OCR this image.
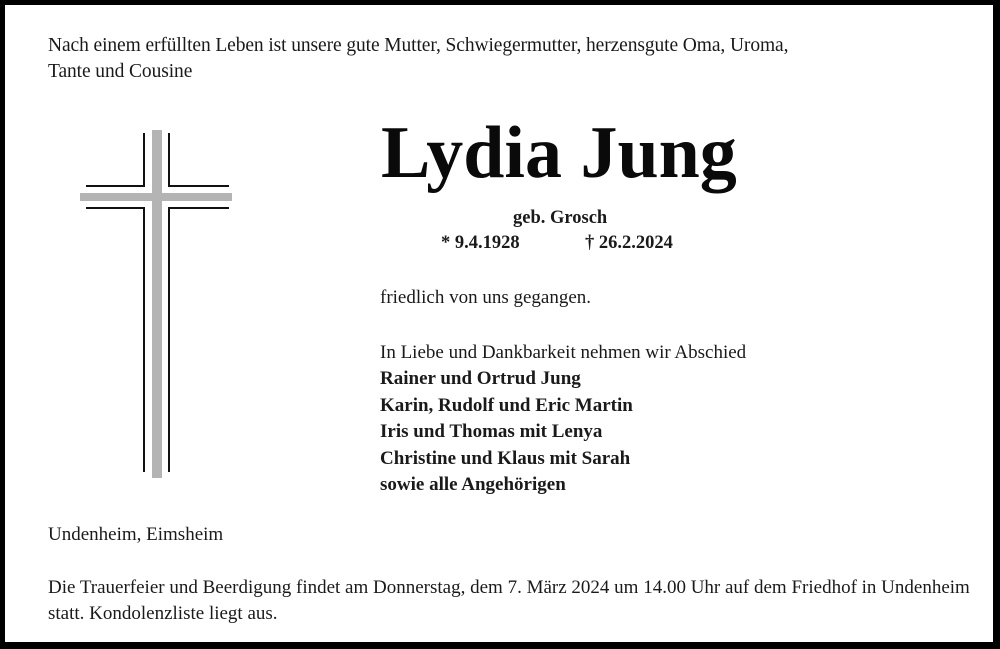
Nach einem erfüllten Leben ist unsere gute Mutter, Schwiegermutter, herzensgute Oma, Uroma,
Tante und Cousine
Lydia Jung
geb. Grosch
* 9.4.1928	† 26.2.2024
friedlich von uns gegangen.
In Liebe und Dankbarkeit nehmen wir Abschied
Rainer und Ortrud Jung
Karin, Rudolf und Eric Martin
Iris und Thomas mit Lenya
Christine und Klaus mit Sarah
sowie alle Angehörigen
Undenheim, Eimsheim
Die Trauerfeier und Beerdigung findet am Donnerstag, dem 7. März 2024 um 14.00 Uhr auf dem Friedhof in Undenheim statt. Kondolenzliste liegt aus.
